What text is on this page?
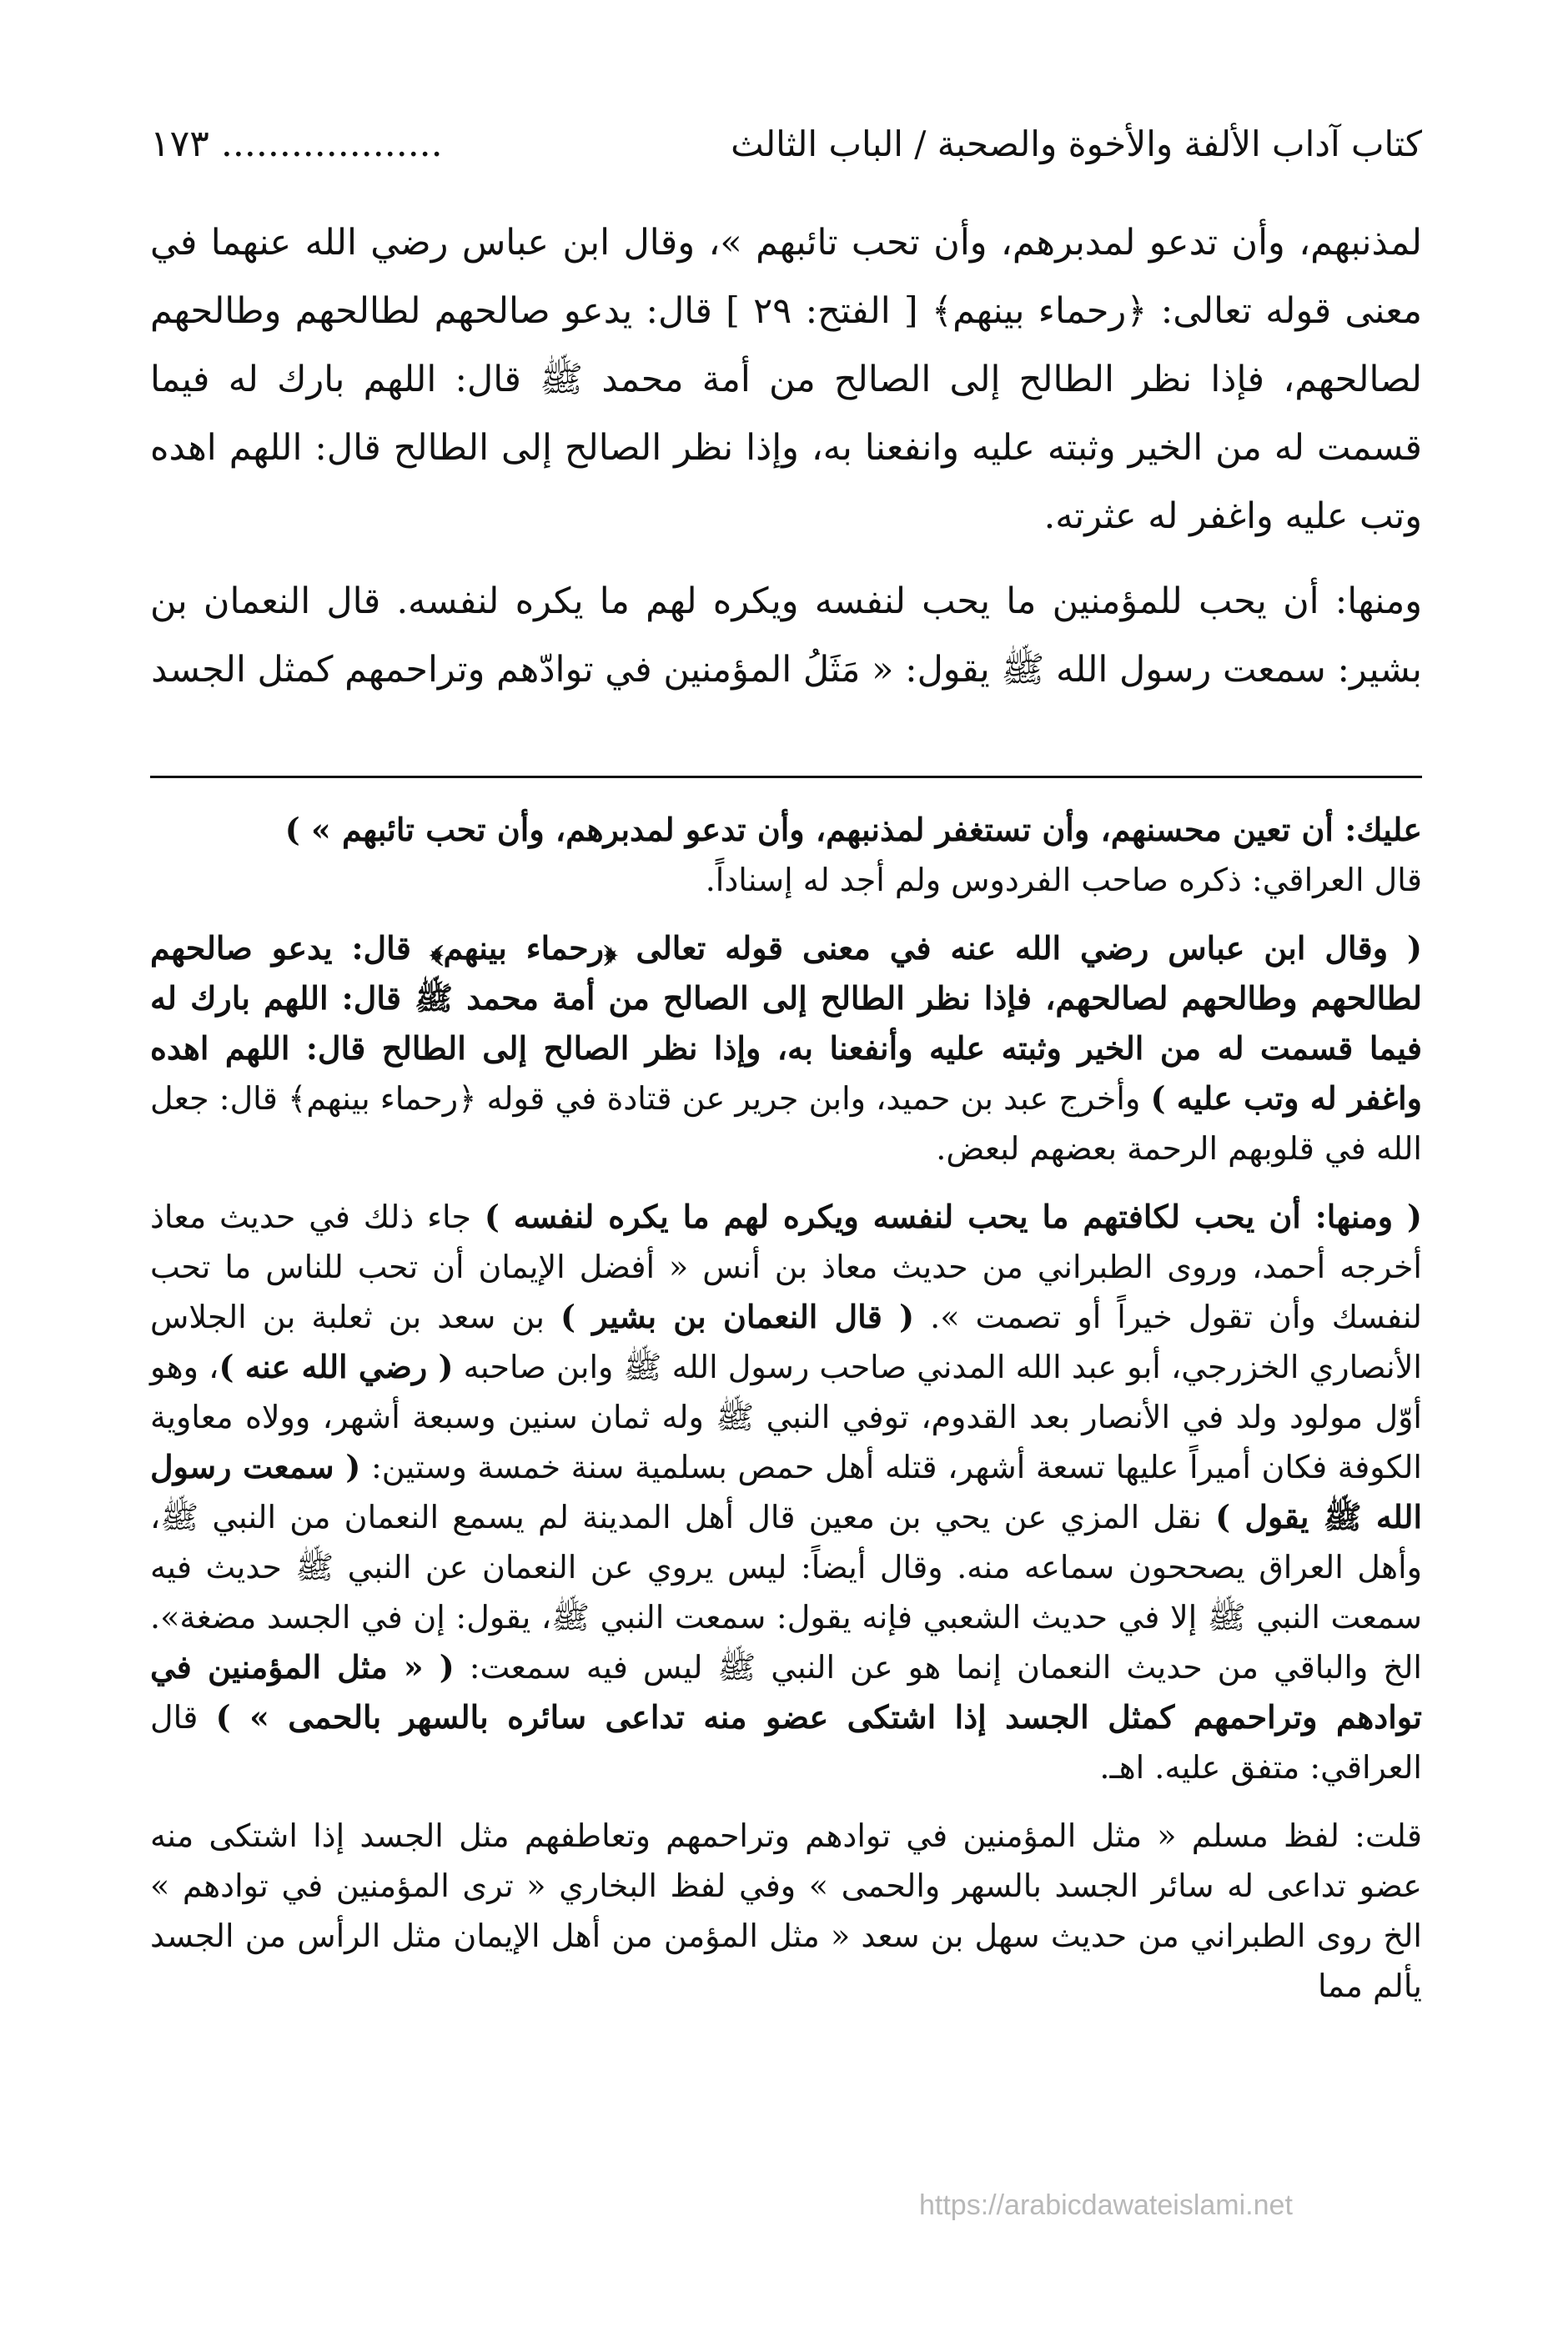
كتاب آداب الألفة والأخوة والصحبة / الباب الثالث
١٧٣ ...................

لمذنبهم، وأن تدعو لمدبرهم، وأن تحب تائبهم »، وقال ابن عباس رضي الله عنهما في معنى قوله تعالى: ﴿رحماء بينهم﴾ [ الفتح: ٢٩ ] قال: يدعو صالحهم لطالحهم وطالحهم لصالحهم، فإذا نظر الطالح إلى الصالح من أمة محمد ﷺ قال: اللهم بارك له فيما قسمت له من الخير وثبته عليه وانفعنا به، وإذا نظر الصالح إلى الطالح قال: اللهم اهده وتب عليه واغفر له عثرته.

ومنها: أن يحب للمؤمنين ما يحب لنفسه ويكره لهم ما يكره لنفسه. قال النعمان بن بشير: سمعت رسول الله ﷺ يقول: « مَثَلُ المؤمنين في توادّهم وتراحمهم كمثل الجسد

عليك: أن تعين محسنهم، وأن تستغفر لمذنبهم، وأن تدعو لمدبرهم، وأن تحب تائبهم » )
قال العراقي: ذكره صاحب الفردوس ولم أجد له إسناداً.

( وقال ابن عباس رضي الله عنه في معنى قوله تعالى ﴿رحماء بينهم﴾ قال: يدعو صالحهم لطالحهم وطالحهم لصالحهم، فإذا نظر الطالح إلى الصالح من أمة محمد ﷺ قال: اللهم بارك له فيما قسمت له من الخير وثبته عليه وأنفعنا به، وإذا نظر الصالح إلى الطالح قال: اللهم اهده واغفر له وتب عليه ) وأخرج عبد بن حميد، وابن جرير عن قتادة في قوله ﴿رحماء بينهم﴾ قال: جعل الله في قلوبهم الرحمة بعضهم لبعض.

( ومنها: أن يحب لكافتهم ما يحب لنفسه ويكره لهم ما يكره لنفسه ) جاء ذلك في حديث معاذ أخرجه أحمد، وروى الطبراني من حديث معاذ بن أنس « أفضل الإيمان أن تحب للناس ما تحب لنفسك وأن تقول خيراً أو تصمت ». ( قال النعمان بن بشير ) بن سعد بن ثعلبة بن الجلاس الأنصاري الخزرجي، أبو عبد الله المدني صاحب رسول الله ﷺ وابن صاحبه ( رضي الله عنه )، وهو أوّل مولود ولد في الأنصار بعد القدوم، توفي النبي ﷺ وله ثمان سنين وسبعة أشهر، وولاه معاوية الكوفة فكان أميراً عليها تسعة أشهر، قتله أهل حمص بسلمية سنة خمسة وستين: ( سمعت رسول الله ﷺ يقول ) نقل المزي عن يحي بن معين قال أهل المدينة لم يسمع النعمان من النبي ﷺ، وأهل العراق يصححون سماعه منه. وقال أيضاً: ليس يروي عن النعمان عن النبي ﷺ حديث فيه سمعت النبي ﷺ إلا في حديث الشعبي فإنه يقول: سمعت النبي ﷺ، يقول: إن في الجسد مضغة». الخ والباقي من حديث النعمان إنما هو عن النبي ﷺ ليس فيه سمعت: ( « مثل المؤمنين في توادهم وتراحمهم كمثل الجسد إذا اشتكى عضو منه تداعى سائره بالسهر بالحمى » ) قال العراقي: متفق عليه. اهـ.

قلت: لفظ مسلم « مثل المؤمنين في توادهم وتراحمهم وتعاطفهم مثل الجسد إذا اشتكى منه عضو تداعى له سائر الجسد بالسهر والحمى » وفي لفظ البخاري « ترى المؤمنين في توادهم » الخ روى الطبراني من حديث سهل بن سعد « مثل المؤمن من أهل الإيمان مثل الرأس من الجسد يألم مما

https://arabicdawateislami.net
